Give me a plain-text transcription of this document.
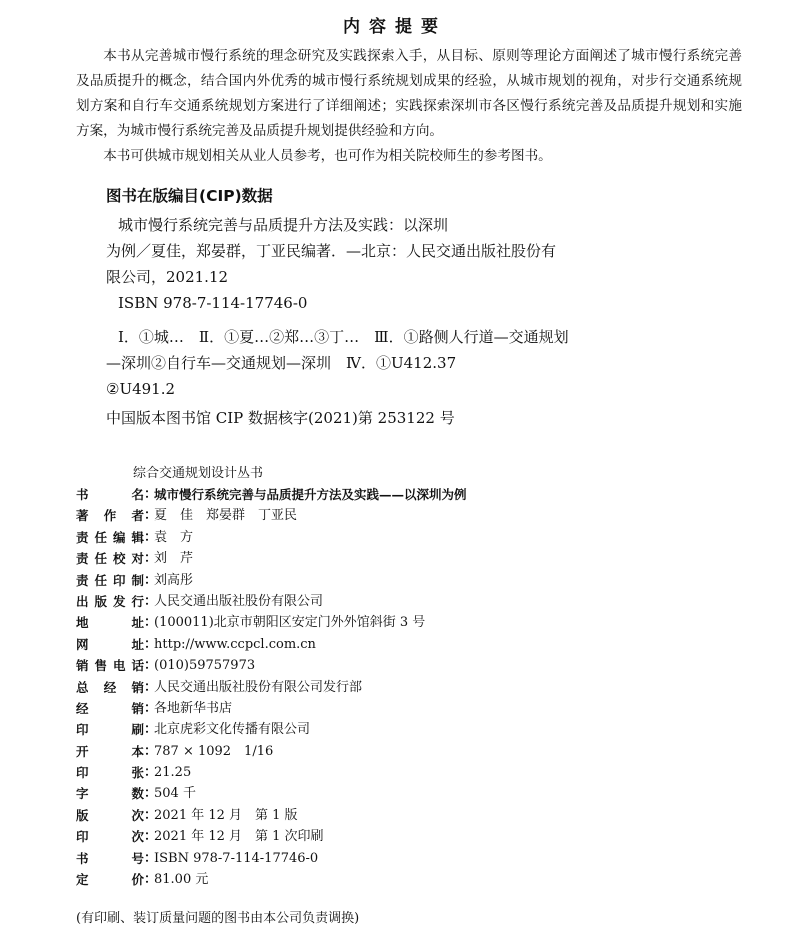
内容提要

本书从完善城市慢行系统的理念研究及实践探索入手，从目标、原则等理论方面阐述了城市慢行系统完善及品质提升的概念，结合国内外优秀的城市慢行系统规划成果的经验，从城市规划的视角，对步行交通系统规划方案和自行车交通系统规划方案进行了详细阐述；实践探索深圳市各区慢行系统完善及品质提升规划和实施方案，为城市慢行系统完善及品质提升规划提供经验和方向。

本书可供城市规划相关从业人员参考，也可作为相关院校师生的参考图书。

图书在版编目(CIP)数据
城市慢行系统完善与品质提升方法及实践：以深圳
为例／夏佳，郑晏群，丁亚民编著．—北京：人民交通出版社股份有
限公司，2021.12
ISBN 978-7-114-17746-0
Ⅰ．①城…　Ⅱ．①夏…②郑…③丁…　Ⅲ．①路侧人行道—交通规划
—深圳②自行车—交通规划—深圳　Ⅳ．①U412.37
②U491.2
中国版本图书馆 CIP 数据核字(2021)第 253122 号
综合交通规划设计丛书
书名 ：
城市慢行系统完善与品质提升方法及实践——以深圳为例
著作者 ：
夏　佳　郑晏群　丁亚民
责任编辑 ：
袁　方
责任校对 ：
刘　芹
责任印制 ：
刘高彤
出版发行 ：
人民交通出版社股份有限公司
地址 ：
(100011)北京市朝阳区安定门外外馆斜街 3 号
网址 ：
http://www.ccpcl.com.cn
销售电话 ：
(010)59757973
总经销 ：
人民交通出版社股份有限公司发行部
经销 ：
各地新华书店
印刷 ：
北京虎彩文化传播有限公司
开本 ：
787 × 1092　1/16
印张 ：
21.25
字数 ：
504 千
版次 ：
2021 年 12 月　第 1 版
印次 ：
2021 年 12 月　第 1 次印刷
书号 ：
ISBN 978-7-114-17746-0
定价 ：
81.00 元
(有印刷、装订质量问题的图书由本公司负责调换)
